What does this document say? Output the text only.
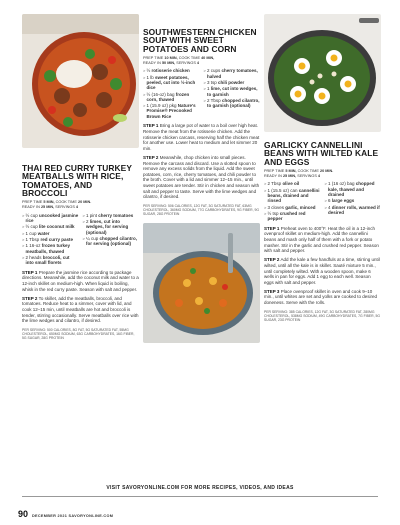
THAI RED CURRY TURKEY MEATBALLS WITH RICE, TOMATOES, AND BROCCOLI
PREP TIME 5 MIN, COOK TIME 20 MIN.
READY IN 25 MIN, SERVINGS 4
> ½ cup uncooked jasmine rice
> ½ cup lite coconut milk
> 1 cup water
> 1 Tbsp red curry paste
> 1 16-oz frozen turkey meatballs, thawed
> 2 heads broccoli, cut into small florets
> 1 pint cherry tomatoes
> 2 limes, cut into wedges, for serving (optional)
> ¼ cup chopped cilantro, for serving (optional)
STEP 1 Prepare the jasmine rice according to package directions. Meanwhile, add the coconut milk and water to a 12-inch skillet on medium-high. When liquid is boiling, whisk in the red curry paste. Season with salt and pepper.
STEP 2 To skillet, add the meatballs, broccoli, and tomatoes. Reduce heat to a simmer, cover with lid, and cook 12–15 min, until meatballs are hot and broccoli is tender, stirring occasionally. Serve meatballs over rice with the lime wedges and cilantro, if desired.
PER SERVING: 500 CALORIES, 8G FAT, 5G SATURATED FAT, 55MG CHOLESTEROL, 650MG SODIUM, 63G CARBOHYDRATES, 16G FIBER, 5G SUGAR, 28G PROTEIN
SOUTHWESTERN CHICKEN SOUP WITH SWEET POTATOES AND CORN
PREP TIME 10 MIN, COOK TIME 40 MIN,
READY IN 50 MIN, SERVINGS 4
> ½ rotisserie chicken
> 1 lb sweet potatoes, peeled, cut into ½-inch dice
> ½ (16-oz) bag frozen corn, thawed
> 1 (15.9 oz) pkg Nature's Promise® Precooked Brown Rice
> 2 cups cherry tomatoes, halved
> 3 tsp chili powder
> 1 lime, cut into wedges, to garnish
> 2 Tbsp chopped cilantro, to garnish (optional)
STEP 1 Bring a large pot of water to a boil over high heat. Remove the meat from the rotisserie chicken. Add the rotisserie chicken carcass, reserving half the chicken meat for another use. Lower heat to medium and let simmer 20 min.
STEP 2 Meanwhile, chop chicken into small pieces. Remove the carcass and discard. Use a slotted spoon to remove any excess solids from the liquid. Add the sweet potatoes, corn, rice, cherry tomatoes, and chili powder to the broth. Cover with a lid and simmer 12–15 min., until sweet potatoes are tender. Stir in chicken and season with salt and pepper to taste. Serve with the lime wedges and cilantro, if desired.
PER SERVING: 506 CALORIES, 12G FAT, 3G SATURATED FAT, 63MG CHOLESTEROL, 360MG SODIUM, 77G CARBOHYDRATES, 9G FIBER, 9G SUGAR, 28G PROTEIN
GARLICKY CANNELLINI BEANS WITH WILTED KALE AND EGGS
PREP TIME 5 MIN, COOK TIME 20 MIN.
READY IN 25 MIN, SERVINGS 4
> 2 Tbsp olive oil
> 1 (15.5 oz) can cannellini beans, drained and rinsed
> 3 cloves garlic, minced
> ½ tsp crushed red pepper
> 1 (16 oz) bag chopped kale, thawed and drained
> 6 large eggs
> 4 dinner rolls, warmed if desired
STEP 1 Preheat oven to 400°F. Heat the oil in a 12-inch ovenproof skillet on medium-high. Add the cannellini beans and mash only half of them with a fork or potato masher. Stir in the garlic and crushed red pepper. Season with salt and pepper.
STEP 2 Add the kale a few handfuls at a time, stirring until wilted, until all the kale is in skillet. Sauté mixture 5 min., until completely wilted. With a wooden spoon, make 6 wells in pan for eggs. Add 1 egg to each well. Season eggs with salt and pepper.
STEP 3 Place ovenproof skillet in oven and cook 9–10 min., until whites are set and yolks are cooked to desired doneness. Serve with the rolls.
PER SERVING: 385 CALORIES, 12G FAT, 3G SATURATED FAT, 280MG CHOLESTEROL, 538MG SODIUM, 49G CARBOHYDRATES, 7G FIBER, 5G SUGAR, 23G PROTEIN
VISIT SAVORYONLINE.COM FOR MORE RECIPES, VIDEOS, AND IDEAS
90 DECEMBER 2021 SAVORYONLINE.COM
